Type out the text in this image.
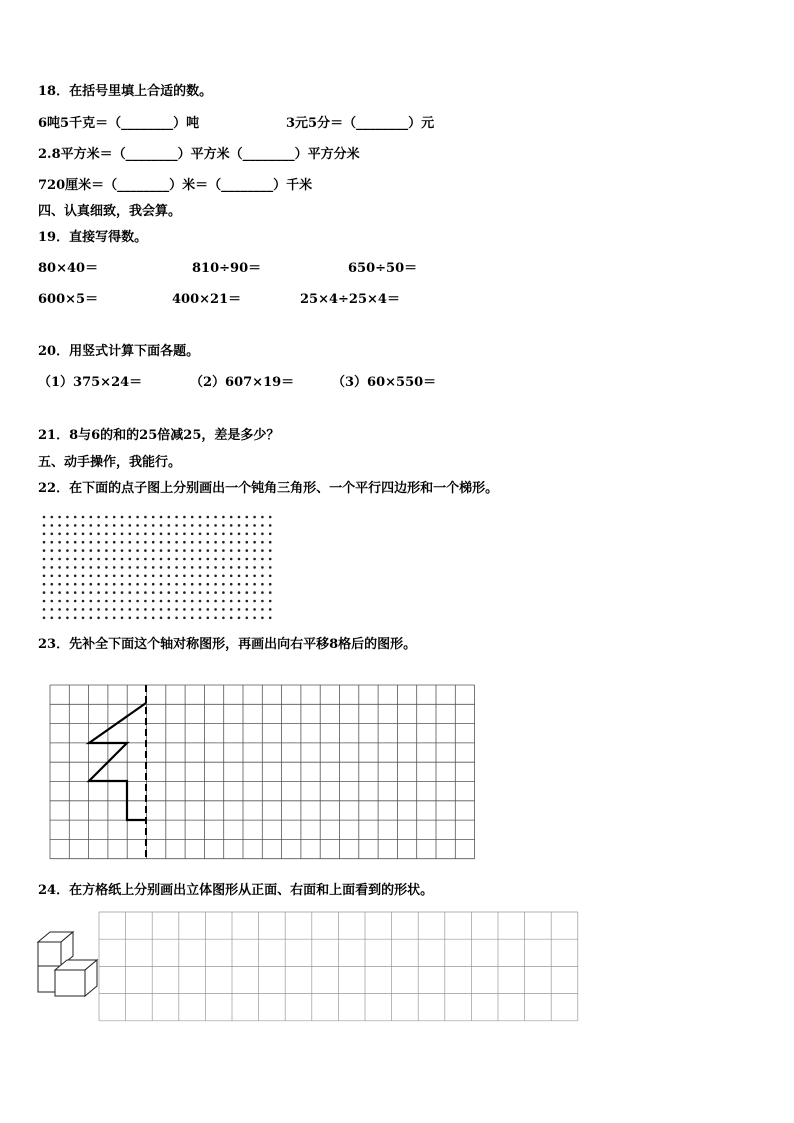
18．在括号里填上合适的数。
6吨5千克＝（________）吨	3元5分＝（________）元
2.8平方米＝（________）平方米（________）平方分米
720厘米＝（________）米＝（________）千米
四、认真细致，我会算。
19．直接写得数。
80×40＝	810÷90＝	650÷50＝
600×5＝	400×21＝	25×4÷25×4＝
20．用竖式计算下面各题。
（1）375×24＝	（2）607×19＝	（3）60×550＝
21．8与6的和的25倍减25，差是多少？
五、动手操作，我能行。
22．在下面的点子图上分别画出一个钝角三角形、一个平行四边形和一个梯形。
23．先补全下面这个轴对称图形，再画出向右平移8格后的图形。
24．在方格纸上分别画出立体图形从正面、右面和上面看到的形状。
